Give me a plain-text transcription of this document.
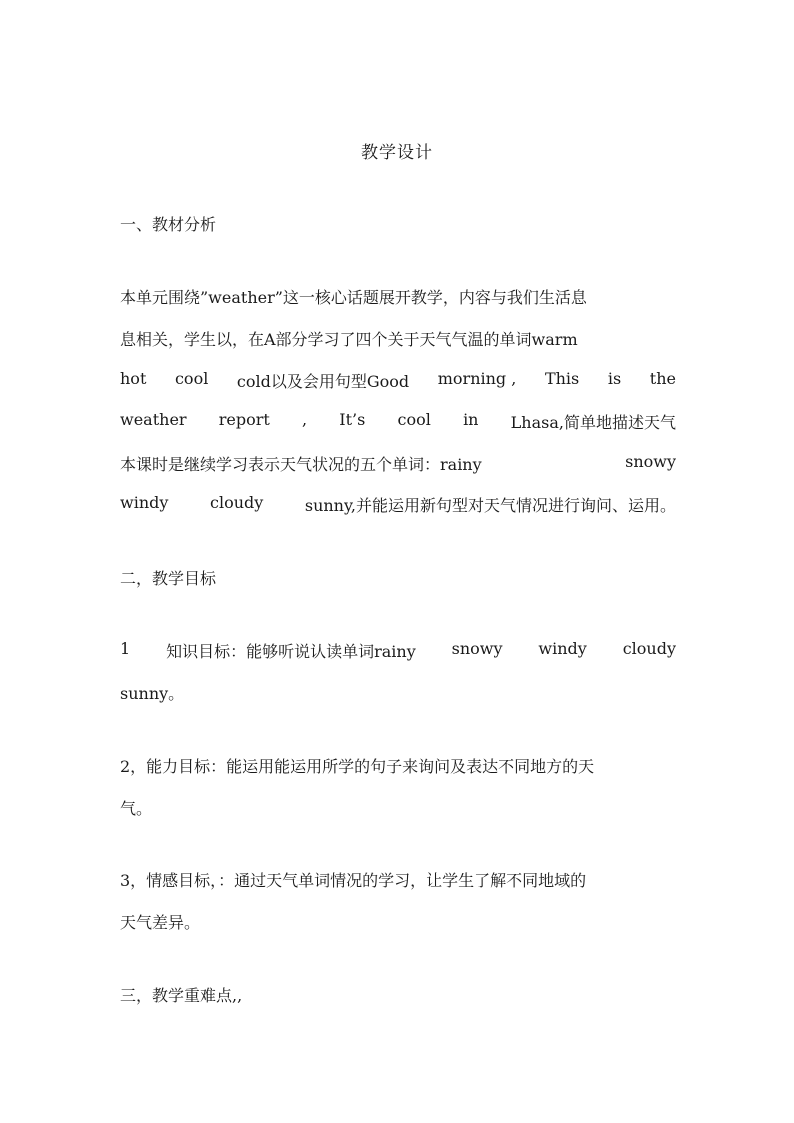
教学设计
一、教材分析
本单元围绕”weather”这一核心话题展开教学，内容与我们生活息
息相关，学生以，在A部分学习了四个关于天气气温的单词warm
hot cool cold以及会用句型Good morning , This is the
weather report , It’s cool in Lhasa,简单地描述天气
本课时是继续学习表示天气状况的五个单词：rainy	snowy
windy	cloudy	sunny,并能运用新句型对天气情况进行询问、运用。
二，教学目标
1 知识目标：能够听说认读单词rainy snowy windy cloudy
sunny。
2，能力目标：能运用能运用所学的句子来询问及表达不同地方的天
气。
3，情感目标，：通过天气单词情况的学习，让学生了解不同地域的
天气差异。
三，教学重难点,,
